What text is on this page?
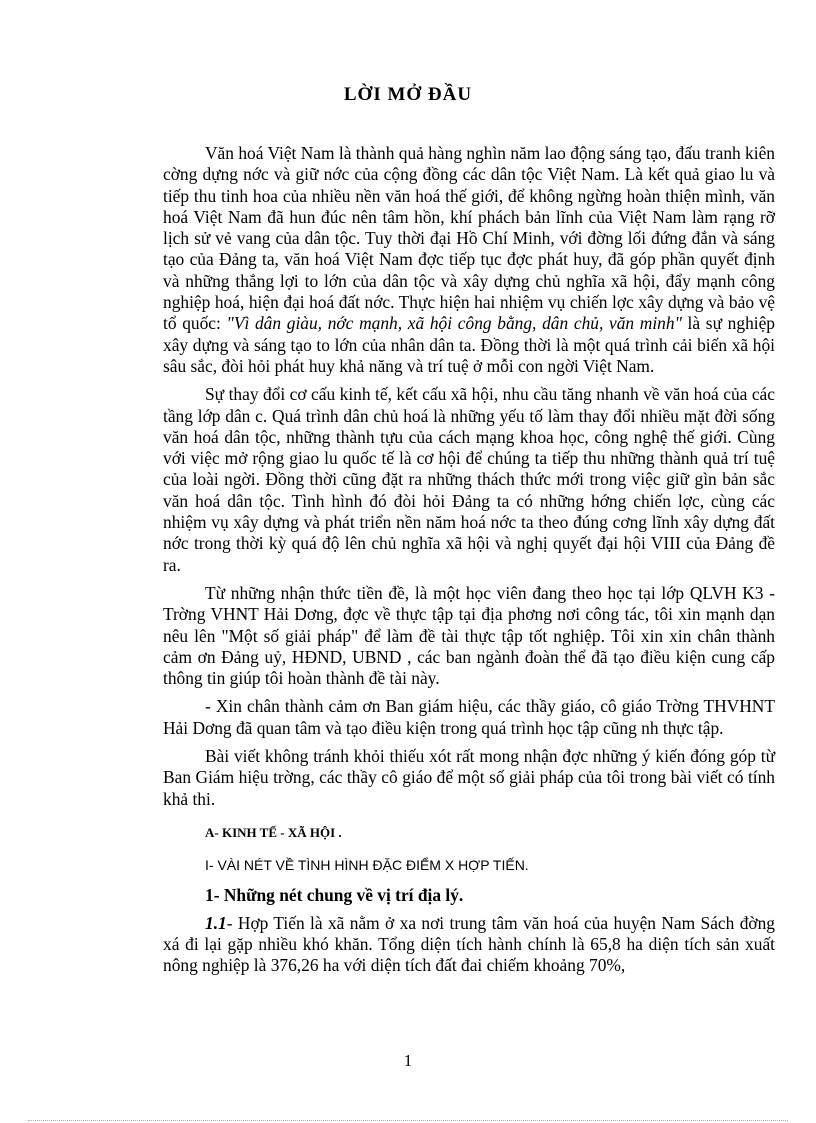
LỜI MỞ ĐẦU

Văn hoá Việt Nam là thành quả hàng nghìn năm lao động sáng tạo, đấu tranh kiên cờng dựng nớc và giữ nớc của cộng đồng các dân tộc Việt Nam. Là kết quả giao lu và tiếp thu tinh hoa của nhiều nền văn hoá thế giới, để không ngừng hoàn thiện mình, văn hoá Việt Nam đã hun đúc nên tâm hồn, khí phách bản lĩnh của Việt Nam làm rạng rỡ lịch sử vẻ vang của dân tộc. Tuy thời đại Hồ Chí Minh, với đờng lối đứng đắn và sáng tạo của Đảng ta, văn hoá Việt Nam đợc tiếp tục đợc phát huy, đã góp phần quyết định và những thắng lợi to lớn của dân tộc và xây dựng chủ nghĩa xã hội, đẩy mạnh công nghiệp hoá, hiện đại hoá đất nớc. Thực hiện hai nhiệm vụ chiến lợc xây dựng và bảo vệ tổ quốc: "Vì dân giàu, nớc mạnh, xã hội công bằng, dân chủ, văn minh" là sự nghiệp xây dựng và sáng tạo to lớn của nhân dân ta. Đồng thời là một quá trình cải biến xã hội sâu sắc, đòi hỏi phát huy khả năng và trí tuệ ở mỗi con ngời Việt Nam.

Sự thay đổi cơ cấu kinh tế, kết cấu xã hội, nhu cầu tăng nhanh về văn hoá của các tầng lớp dân c. Quá trình dân chủ hoá là những yếu tố làm thay đổi nhiều mặt đời sống văn hoá dân tộc, những thành tựu của cách mạng khoa học, công nghệ thế giới. Cùng với việc mở rộng giao lu quốc tế là cơ hội để chúng ta tiếp thu những thành quả trí tuệ của loài ngời. Đồng thời cũng đặt ra những thách thức mới trong việc giữ gìn bản sắc văn hoá dân tộc. Tình hình đó đòi hỏi Đảng ta có những hớng chiến lợc, cùng các nhiệm vụ xây dựng và phát triển nền năm hoá nớc ta theo đúng cơng lĩnh xây dựng đất nớc trong thời kỳ quá độ lên chủ nghĩa xã hội và nghị quyết đại hội VIII của Đảng đề ra.

Từ những nhận thức tiền đề, là một học viên đang theo học tại lớp QLVH K3 - Trờng VHNT Hải Dơng, đợc về thực tập tại địa phơng nơi công tác, tôi xin mạnh dạn nêu lên "Một số giải pháp" để làm đề tài thực tập tốt nghiệp. Tôi xin xin chân thành cảm ơn Đảng uỷ, HĐND, UBND , các ban ngành đoàn thể đã tạo điều kiện cung cấp thông tin giúp tôi hoàn thành đề tài này.

- Xin chân thành cảm ơn Ban giám hiệu, các thầy giáo, cô giáo Trờng THVHNT Hải Dơng đã quan tâm và tạo điều kiện trong quá trình học tập cũng nh thực tập.

Bài viết không tránh khỏi thiếu xót rất mong nhận đợc những ý kiến đóng góp từ Ban Giám hiệu trờng, các thầy cô giáo để một số giải pháp của tôi trong bài viết có tính khả thi.

A- KINH TẾ - XÃ HỘI .

I- VÀI NÉT VỀ TÌNH HÌNH ĐẶC ĐIỂM X HỢP TIẾN.

1- Những nét chung về vị trí địa lý.

1.1- Hợp Tiến là xã nằm ở xa nơi trung tâm văn hoá của huyện Nam Sách đờng xá đi lại gặp nhiều khó khăn. Tổng diện tích hành chính là 65,8 ha diện tích sản xuất nông nghiệp là 376,26 ha với diện tích đất đai chiếm khoảng 70%,

1
